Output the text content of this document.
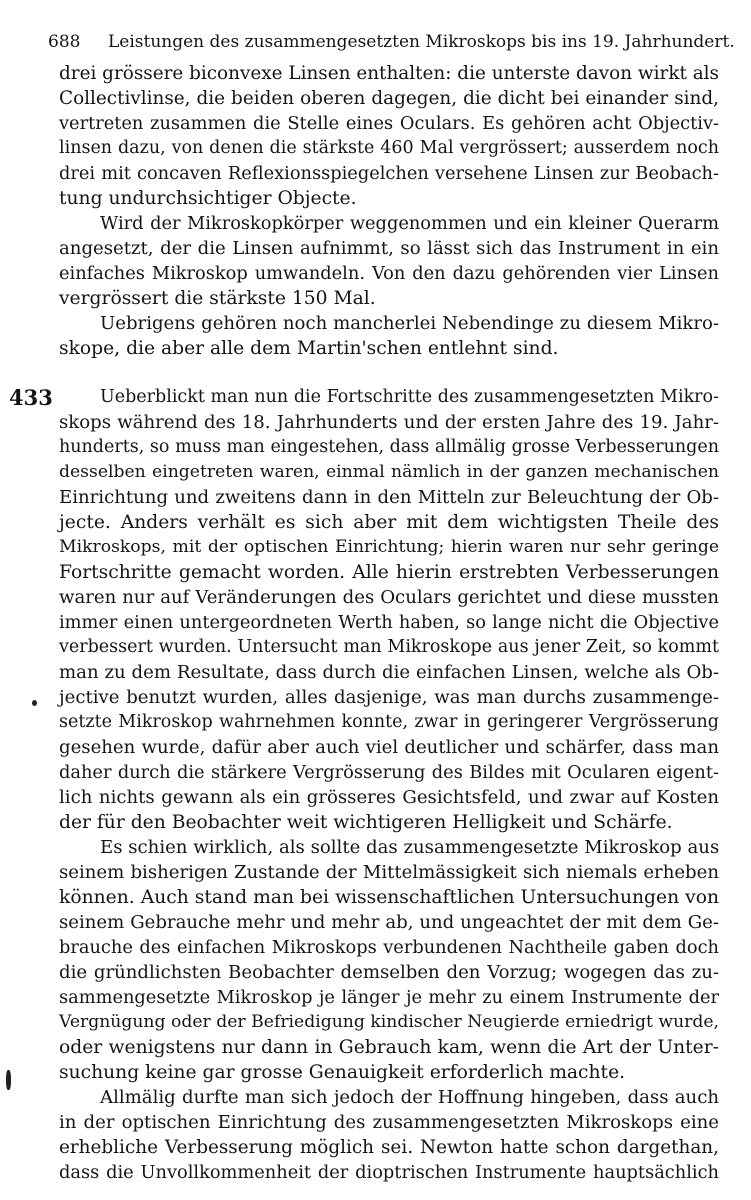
688 Leistungen des zusammengesetzten Mikroskops bis ins 19. Jahrhundert.
433
drei grössere biconvexe Linsen enthalten: die unterste davon wirkt als
Collectivlinse, die beiden oberen dagegen, die dicht bei einander sind,
vertreten zusammen die Stelle eines Oculars. Es gehören acht Objectiv-
linsen dazu, von denen die stärkste 460 Mal vergrössert; ausserdem noch
drei mit concaven Reflexionsspiegelchen versehene Linsen zur Beobach-
tung undurchsichtiger Objecte.
Wird der Mikroskopkörper weggenommen und ein kleiner Querarm
angesetzt, der die Linsen aufnimmt, so lässt sich das Instrument in ein
einfaches Mikroskop umwandeln. Von den dazu gehörenden vier Linsen
vergrössert die stärkste 150 Mal.
Uebrigens gehören noch mancherlei Nebendinge zu diesem Mikro-
skope, die aber alle dem Martin'schen entlehnt sind.
Ueberblickt man nun die Fortschritte des zusammengesetzten Mikro-
skops während des 18. Jahrhunderts und der ersten Jahre des 19. Jahr-
hunderts, so muss man eingestehen, dass allmälig grosse Verbesserungen
desselben eingetreten waren, einmal nämlich in der ganzen mechanischen
Einrichtung und zweitens dann in den Mitteln zur Beleuchtung der Ob-
jecte. Anders verhält es sich aber mit dem wichtigsten Theile des
Mikroskops, mit der optischen Einrichtung; hierin waren nur sehr geringe
Fortschritte gemacht worden. Alle hierin erstrebten Verbesserungen
waren nur auf Veränderungen des Oculars gerichtet und diese mussten
immer einen untergeordneten Werth haben, so lange nicht die Objective
verbessert wurden. Untersucht man Mikroskope aus jener Zeit, so kommt
man zu dem Resultate, dass durch die einfachen Linsen, welche als Ob-
jective benutzt wurden, alles dasjenige, was man durchs zusammenge-
setzte Mikroskop wahrnehmen konnte, zwar in geringerer Vergrösserung
gesehen wurde, dafür aber auch viel deutlicher und schärfer, dass man
daher durch die stärkere Vergrösserung des Bildes mit Ocularen eigent-
lich nichts gewann als ein grösseres Gesichtsfeld, und zwar auf Kosten
der für den Beobachter weit wichtigeren Helligkeit und Schärfe.
Es schien wirklich, als sollte das zusammengesetzte Mikroskop aus
seinem bisherigen Zustande der Mittelmässigkeit sich niemals erheben
können. Auch stand man bei wissenschaftlichen Untersuchungen von
seinem Gebrauche mehr und mehr ab, und ungeachtet der mit dem Ge-
brauche des einfachen Mikroskops verbundenen Nachtheile gaben doch
die gründlichsten Beobachter demselben den Vorzug; wogegen das zu-
sammengesetzte Mikroskop je länger je mehr zu einem Instrumente der
Vergnügung oder der Befriedigung kindischer Neugierde erniedrigt wurde,
oder wenigstens nur dann in Gebrauch kam, wenn die Art der Unter-
suchung keine gar grosse Genauigkeit erforderlich machte.
Allmälig durfte man sich jedoch der Hoffnung hingeben, dass auch
in der optischen Einrichtung des zusammengesetzten Mikroskops eine
erhebliche Verbesserung möglich sei. Newton hatte schon dargethan,
dass die Unvollkommenheit der dioptrischen Instrumente hauptsächlich
